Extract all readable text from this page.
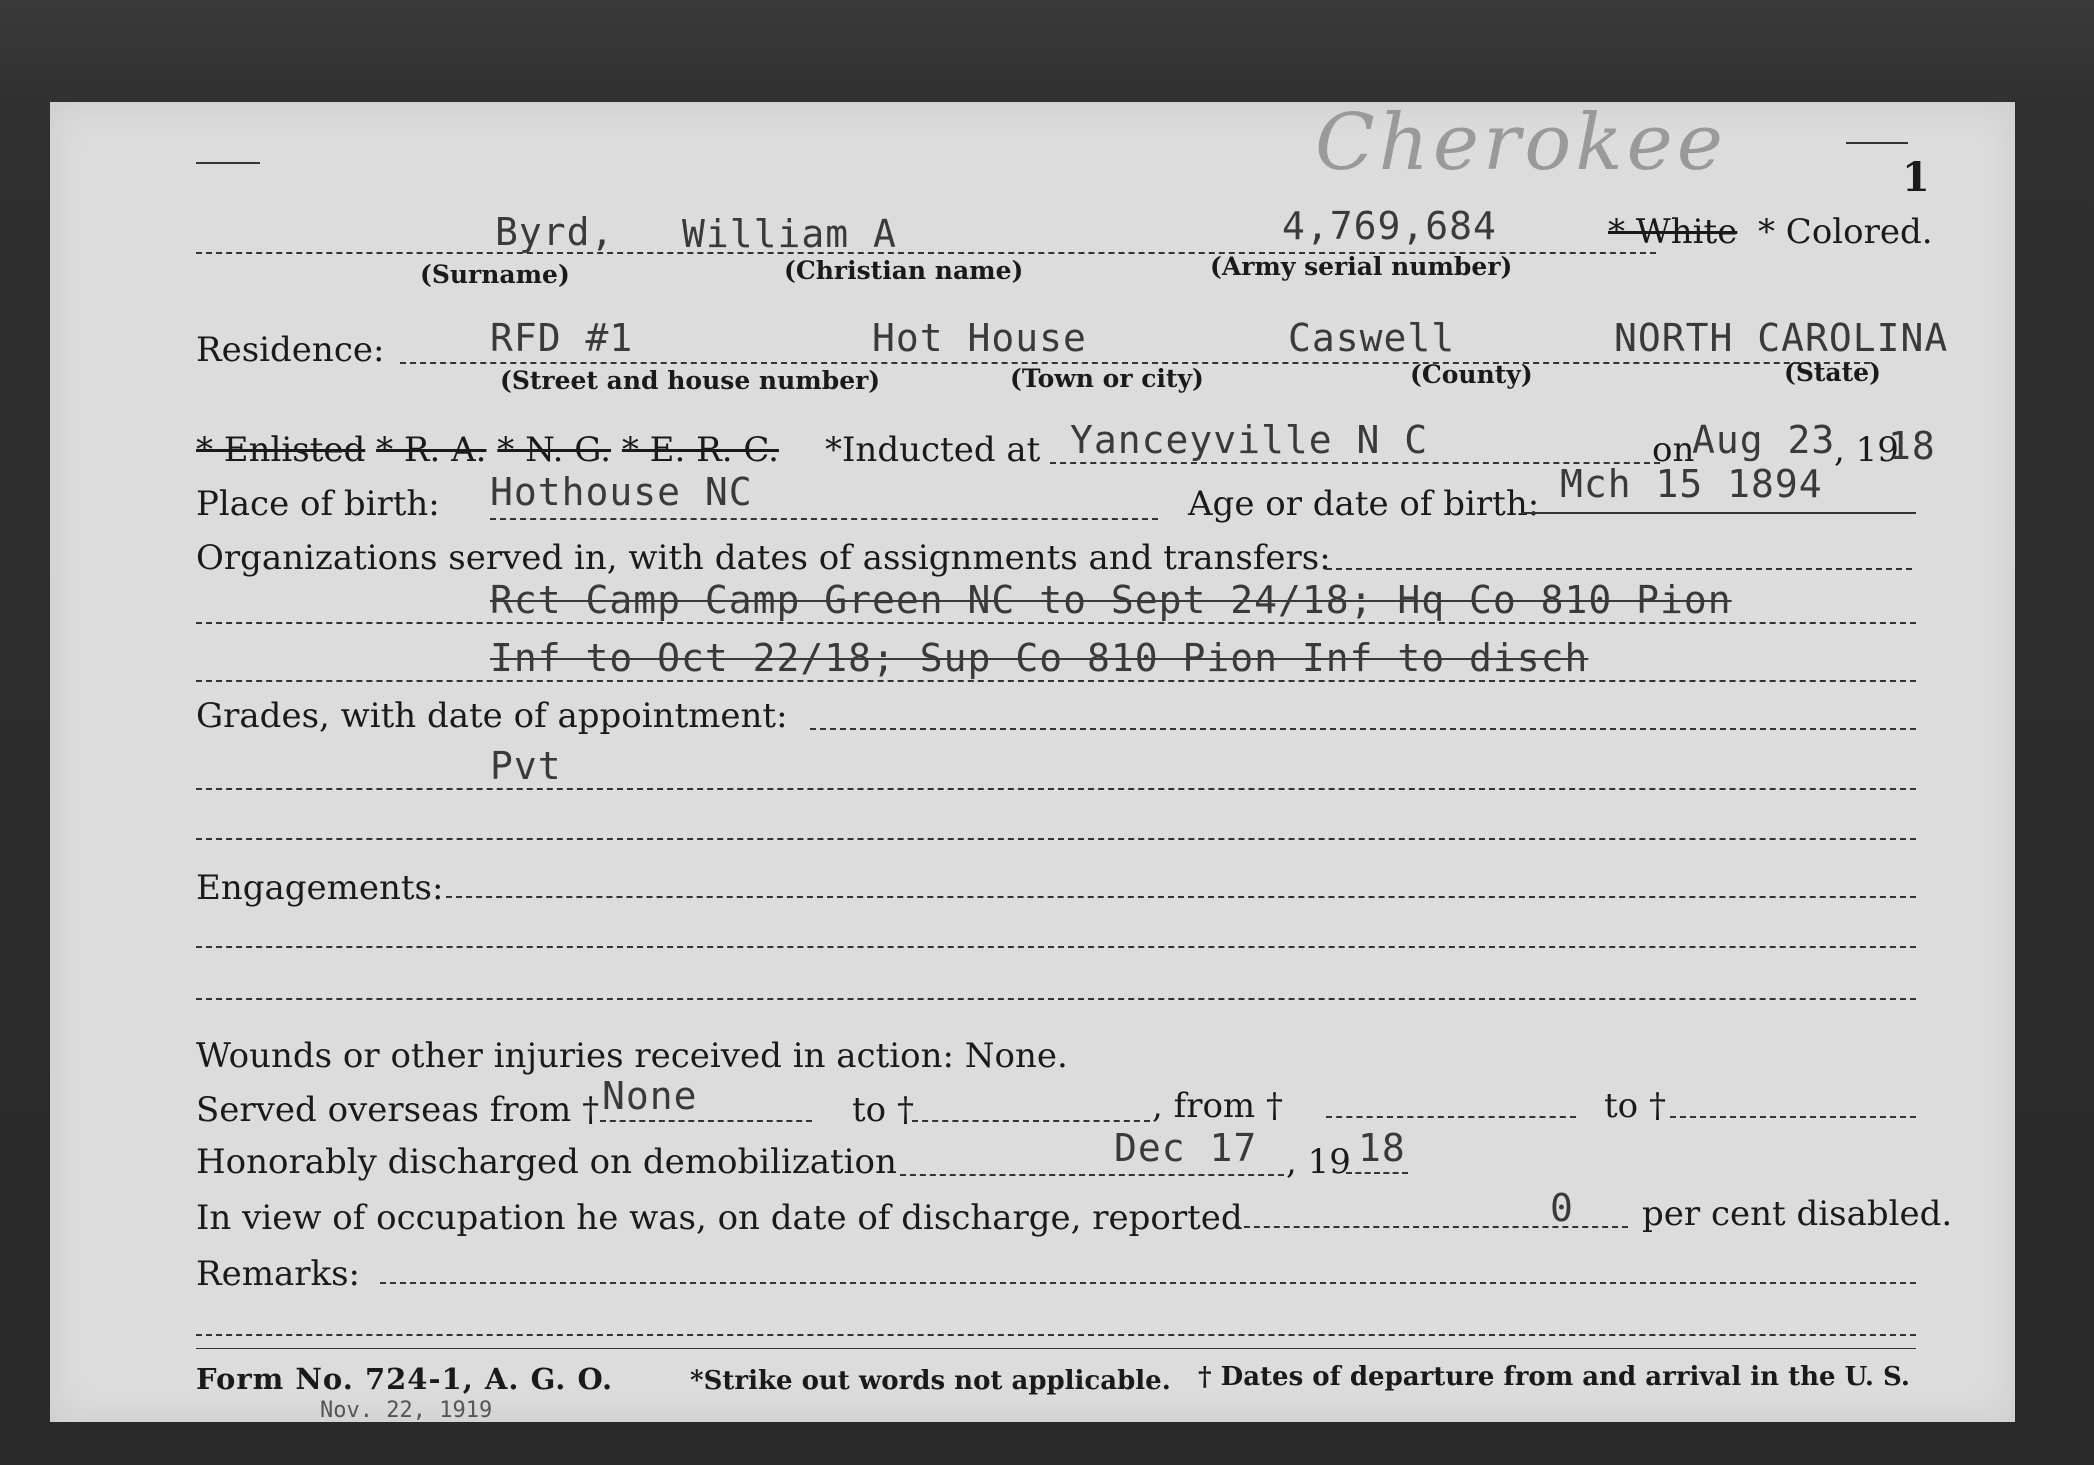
Cherokee	1
Byrd, William A	4,769,684	* White * Colored.
(Surname)	(Christian name)	(Army serial number)
Residence:	RFD #1	Hot House	Caswell	NORTH CAROLINA
(Street and house number)	(Town or city)	(County)	(State)
* Enlisted * R. A. * N. G. * E. R. C. *Inducted at Yanceyville N C	on
Aug 23
, 19
18
Place of birth: Hothouse NC	Age or date of birth: Mch 15 1894
Organizations served in, with dates of assignments and transfers:
Rct Camp Camp Green NC to Sept 24/18; Hq Co 810 Pion
Inf to Oct 22/18; Sup Co 810 Pion Inf to disch
Grades, with date of appointment:
Pvt
Engagements:
Wounds or other injuries received in action: None.
Served overseas from † None	to †	, from †	to †
Honorably discharged on demobilization	Dec 17 , 19 18
In view of occupation he was, on date of discharge, reported	0 per cent disabled.
Remarks:
Form No. 724-1, A. G. O.
Nov. 22, 1919
*Strike out words not applicable. † Dates of departure from and arrival in the U. S.
